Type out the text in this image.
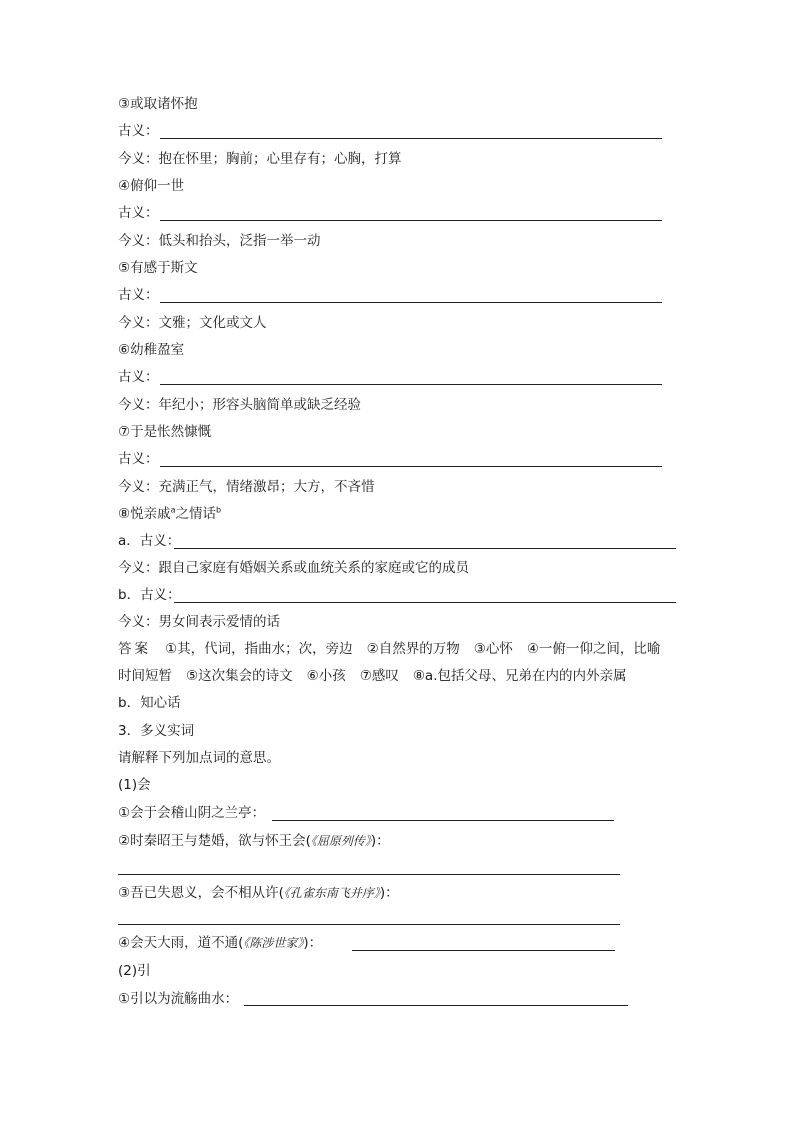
③或取诸怀抱
古义：
今义：抱在怀里；胸前；心里存有；心胸，打算
④俯仰一世
古义：
今义：低头和抬头，泛指一举一动
⑤有感于斯文
古义：
今义：文雅；文化或文人
⑥幼稚盈室
古义：
今义：年纪小；形容头脑简单或缺乏经验
⑦于是怅然慷慨
古义：
今义：充满正气，情绪激昂；大方，不吝惜
⑧悦亲戚$^a$之情话$^b$
a．古义：
今义：跟自己家庭有婚姻关系或血统关系的家庭或它的成员
b．古义：
今义：男女间表示爱情的话
答案 ①其，代词，指曲水；次，旁边 ②自然界的万物 ③心怀 ④一俯一仰之间，比喻
时间短暂 ⑤这次集会的诗文 ⑥小孩 ⑦感叹 ⑧a.包括父母、兄弟在内的内外亲属
b．知心话
3．多义实词
请解释下列加点词的意思。
(1)会
①会于会稽山阴之兰亭：
②时秦昭王与楚婚，欲与怀王会(《屈原列传》)：
③吾已失恩义，会不相从许(《孔雀东南飞并序》)：
④会天大雨，道不通(《陈涉世家》)：
(2)引
①引以为流觞曲水：
